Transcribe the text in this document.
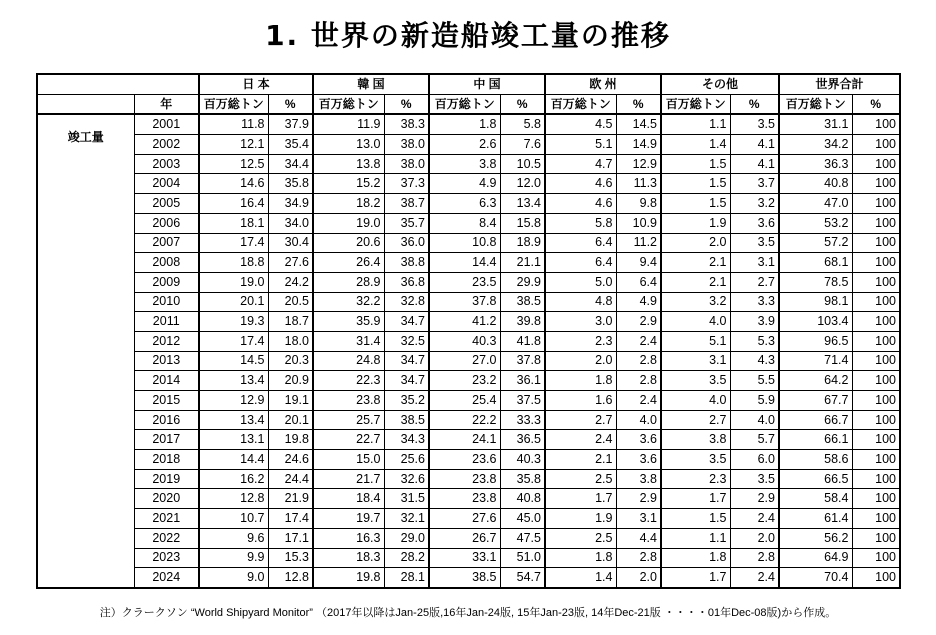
1. 世界の新造船竣工量の推移
		日 本		韓 国		中 国		欧 州		その他		世界合計	
	年	百万総トン	%	百万総トン	%	百万総トン	%	百万総トン	%	百万総トン	%	百万総トン	%
竣工量	2001	11.8	37.9	11.9	38.3	1.8	5.8	4.5	14.5	1.1	3.5	31.1	100
	2002	12.1	35.4	13.0	38.0	2.6	7.6	5.1	14.9	1.4	4.1	34.2	100
	2003	12.5	34.4	13.8	38.0	3.8	10.5	4.7	12.9	1.5	4.1	36.3	100
	2004	14.6	35.8	15.2	37.3	4.9	12.0	4.6	11.3	1.5	3.7	40.8	100
	2005	16.4	34.9	18.2	38.7	6.3	13.4	4.6	9.8	1.5	3.2	47.0	100
	2006	18.1	34.0	19.0	35.7	8.4	15.8	5.8	10.9	1.9	3.6	53.2	100
	2007	17.4	30.4	20.6	36.0	10.8	18.9	6.4	11.2	2.0	3.5	57.2	100
	2008	18.8	27.6	26.4	38.8	14.4	21.1	6.4	9.4	2.1	3.1	68.1	100
	2009	19.0	24.2	28.9	36.8	23.5	29.9	5.0	6.4	2.1	2.7	78.5	100
	2010	20.1	20.5	32.2	32.8	37.8	38.5	4.8	4.9	3.2	3.3	98.1	100
	2011	19.3	18.7	35.9	34.7	41.2	39.8	3.0	2.9	4.0	3.9	103.4	100
	2012	17.4	18.0	31.4	32.5	40.3	41.8	2.3	2.4	5.1	5.3	96.5	100
	2013	14.5	20.3	24.8	34.7	27.0	37.8	2.0	2.8	3.1	4.3	71.4	100
	2014	13.4	20.9	22.3	34.7	23.2	36.1	1.8	2.8	3.5	5.5	64.2	100
	2015	12.9	19.1	23.8	35.2	25.4	37.5	1.6	2.4	4.0	5.9	67.7	100
	2016	13.4	20.1	25.7	38.5	22.2	33.3	2.7	4.0	2.7	4.0	66.7	100
	2017	13.1	19.8	22.7	34.3	24.1	36.5	2.4	3.6	3.8	5.7	66.1	100
	2018	14.4	24.6	15.0	25.6	23.6	40.3	2.1	3.6	3.5	6.0	58.6	100
	2019	16.2	24.4	21.7	32.6	23.8	35.8	2.5	3.8	2.3	3.5	66.5	100
	2020	12.8	21.9	18.4	31.5	23.8	40.8	1.7	2.9	1.7	2.9	58.4	100
	2021	10.7	17.4	19.7	32.1	27.6	45.0	1.9	3.1	1.5	2.4	61.4	100
	2022	9.6	17.1	16.3	29.0	26.7	47.5	2.5	4.4	1.1	2.0	56.2	100
	2023	9.9	15.3	18.3	28.2	33.1	51.0	1.8	2.8	1.8	2.8	64.9	100
	2024	9.0	12.8	19.8	28.1	38.5	54.7	1.4	2.0	1.7	2.4	70.4	100
注）クラークソン “World Shipyard Monitor” （2017年以降はJan-25版,16年Jan-24版, 15年Jan-23版, 14年Dec-21版 ・・・・01年Dec-08版)から作成。
